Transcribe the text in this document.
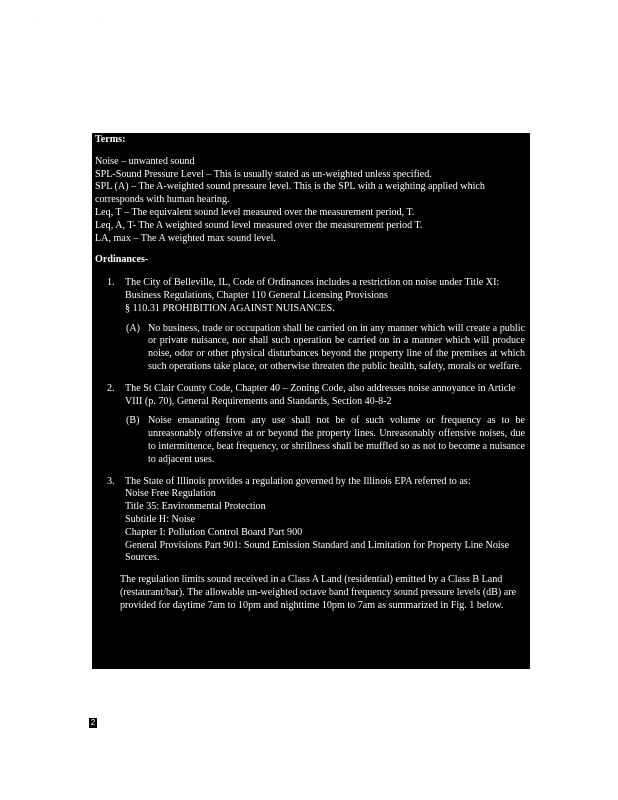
' '

Terms:

Noise – unwanted sound

SPL-Sound Pressure Level – This is usually stated as un-weighted unless specified.

SPL (A) – The A-weighted sound pressure level. This is the SPL with a weighting applied which corresponds with human hearing.

Leq, T – The equivalent sound level measured over the measurement period, T.

Leq, A, T- The A weighted sound level measured over the measurement period T.

LA, max – The A weighted max sound level.

Ordinances-

1. The City of Belleville, IL, Code of Ordinances includes a restriction on noise under Title XI: Business Regulations, Chapter 110 General Licensing Provisions
§ 110.31 PROHIBITION AGAINST NUISANCES.
(A) No business, trade or occupation shall be carried on in any manner which will create a public or private nuisance, nor shall such operation be carried on in a manner which will produce noise, odor or other physical disturbances beyond the property line of the premises at which such operations take place, or otherwise threaten the public health, safety, morals or welfare.
2. The St Clair County Code, Chapter 40 – Zoning Code, also addresses noise annoyance in Article VIII (p. 70), General Requirements and Standards, Section 40-8-2
(B) Noise emanating from any use shall not be of such volume or frequency as to be unreasonably offensive at or beyond the property lines. Unreasonably offensive noises, due to intermittence, beat frequency, or shrillness shall be muffled so as not to become a nuisance to adjacent uses.
3. The State of Illinois provides a regulation governed by the Illinois EPA referred to as:

Noise Free Regulation

Title 35: Environmental Protection

Subtitle H: Noise

Chapter I: Pollution Control Board Part 900

General Provisions Part 901: Sound Emission Standard and Limitation for Property Line Noise Sources.

The regulation limits sound received in a Class A Land (residential) emitted by a Class B Land (restaurant/bar). The allowable un-weighted octave band frequency sound pressure levels (dB) are provided for daytime 7am to 10pm and nighttime 10pm to 7am as summarized in Fig. 1 below.

2
